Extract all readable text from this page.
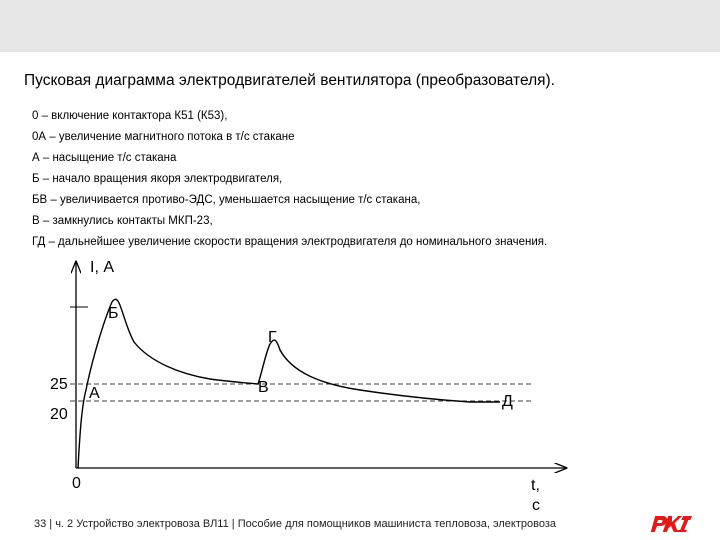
Пусковая диаграмма электродвигателей вентилятора (преобразователя).
0 – включение контактора К51 (К53),
0А – увеличение магнитного потока в т/с стакане
А – насыщение т/с стакана
Б – начало вращения якоря электродвигателя,
БВ – увеличивается противо-ЭДС, уменьшается насыщение т/с стакана,
В – замкнулись контакты МКП-23,
ГД – дальнейшее увеличение скорости вращения электродвигателя до номинального значения.
I, А
t,
c
25
20
0
А
Б
В
Г
Д
33 | ч. 2 Устройство электровоза ВЛ11 | Пособие для помощников машиниста тепловоза, электровоза
